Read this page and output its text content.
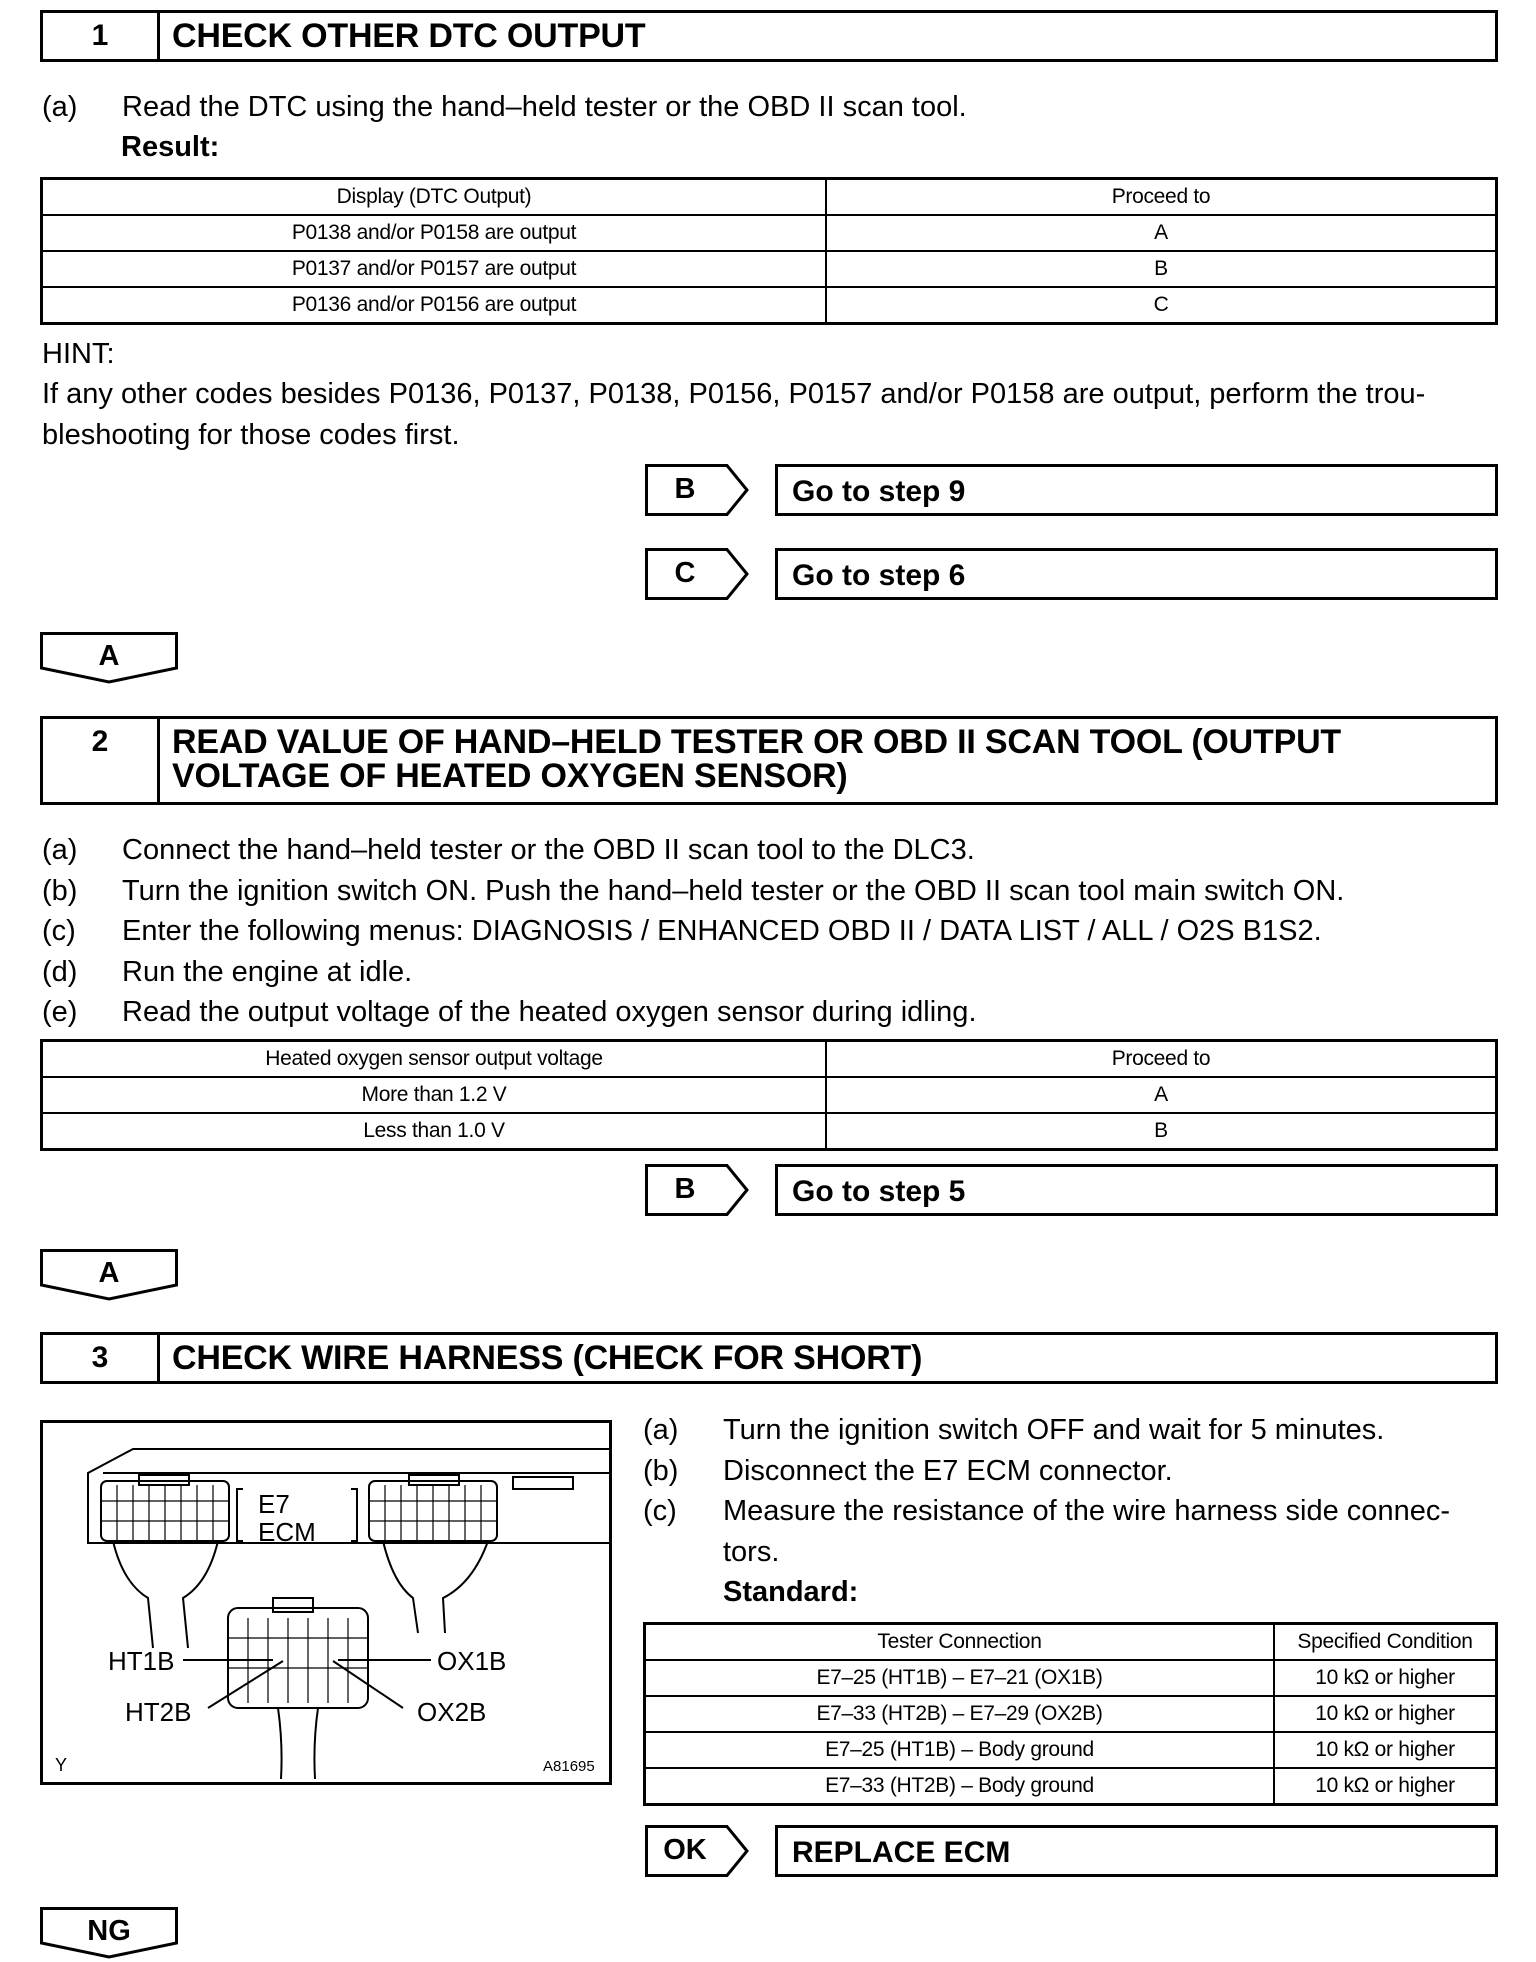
1	CHECK OTHER DTC OUTPUT
(a)	Read the DTC using the hand–held tester or the OBD II scan tool.
Result:
Display (DTC Output)	Proceed to
P0138 and/or P0158 are output	A
P0137 and/or P0157 are output	B
P0136 and/or P0156 are output	C
HINT:
If any other codes besides P0136, P0137, P0138, P0156, P0157 and/or P0158 are output, perform the trou-bleshooting for those codes first.
B	Go to step 9
C	Go to step 6
A
2	READ VALUE OF HAND–HELD TESTER OR OBD II SCAN TOOL (OUTPUT
VOLTAGE OF HEATED OXYGEN SENSOR)
(a)	Connect the hand–held tester or the OBD II scan tool to the DLC3.
(b)	Turn the ignition switch ON. Push the hand–held tester or the OBD II scan tool main switch ON.
(c)	Enter the following menus: DIAGNOSIS / ENHANCED OBD II / DATA LIST / ALL / O2S B1S2.
(d)	Run the engine at idle.
(e)	Read the output voltage of the heated oxygen sensor during idling.
Heated oxygen sensor output voltage	Proceed to
More than 1.2 V	A
Less than 1.0 V	B
B	Go to step 5
A
3	CHECK WIRE HARNESS (CHECK FOR SHORT)
E7
ECM
HT1B
HT2B
OX1B
OX2B
Y	A81695
(a)	Turn the ignition switch OFF and wait for 5 minutes.
(b)	Disconnect the E7 ECM connector.
(c)	Measure the resistance of the wire harness side connec-tors.
Standard:
Tester Connection	Specified Condition
E7–25 (HT1B) – E7–21 (OX1B)	10 kΩ or higher
E7–33 (HT2B) – E7–29 (OX2B)	10 kΩ or higher
E7–25 (HT1B) – Body ground	10 kΩ or higher
E7–33 (HT2B) – Body ground	10 kΩ or higher
OK	REPLACE ECM
NG
